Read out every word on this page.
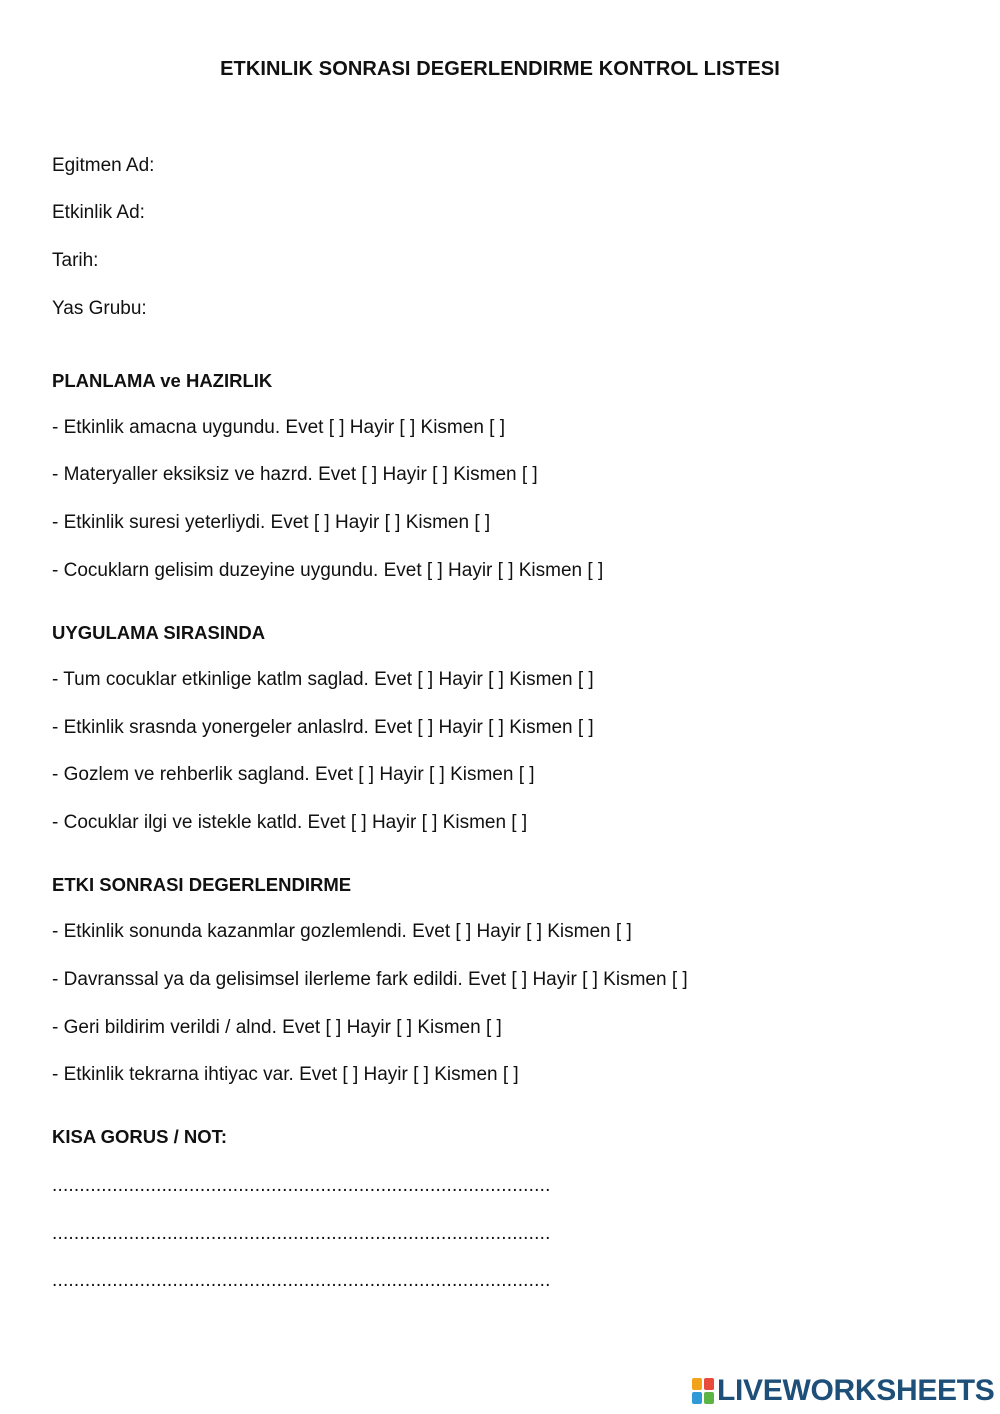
ETKINLIK SONRASI DEGERLENDIRME KONTROL LISTESI
Egitmen Ad:
Etkinlik Ad:
Tarih:
Yas Grubu:
PLANLAMA ve HAZIRLIK
- Etkinlik amacna uygundu. Evet [ ] Hayir [ ] Kismen [ ]
- Materyaller eksiksiz ve hazrd. Evet [ ] Hayir [ ] Kismen [ ]
- Etkinlik suresi yeterliydi. Evet [ ] Hayir [ ] Kismen [ ]
- Cocuklarn gelisim duzeyine uygundu. Evet [ ] Hayir [ ] Kismen [ ]
UYGULAMA SIRASINDA
- Tum cocuklar etkinlige katlm saglad. Evet [ ] Hayir [ ] Kismen [ ]
- Etkinlik srasnda yonergeler anlaslrd. Evet [ ] Hayir [ ] Kismen [ ]
- Gozlem ve rehberlik sagland. Evet [ ] Hayir [ ] Kismen [ ]
- Cocuklar ilgi ve istekle katld. Evet [ ] Hayir [ ] Kismen [ ]
ETKI SONRASI DEGERLENDIRME
- Etkinlik sonunda kazanmlar gozlemlendi. Evet [ ] Hayir [ ] Kismen [ ]
- Davranssal ya da gelisimsel ilerleme fark edildi. Evet [ ] Hayir [ ] Kismen [ ]
- Geri bildirim verildi / alnd. Evet [ ] Hayir [ ] Kismen [ ]
- Etkinlik tekrarna ihtiyac var. Evet [ ] Hayir [ ] Kismen [ ]
KISA GORUS / NOT:
...........................................................................................
...........................................................................................
...........................................................................................
LIVEWORKSHEETS
